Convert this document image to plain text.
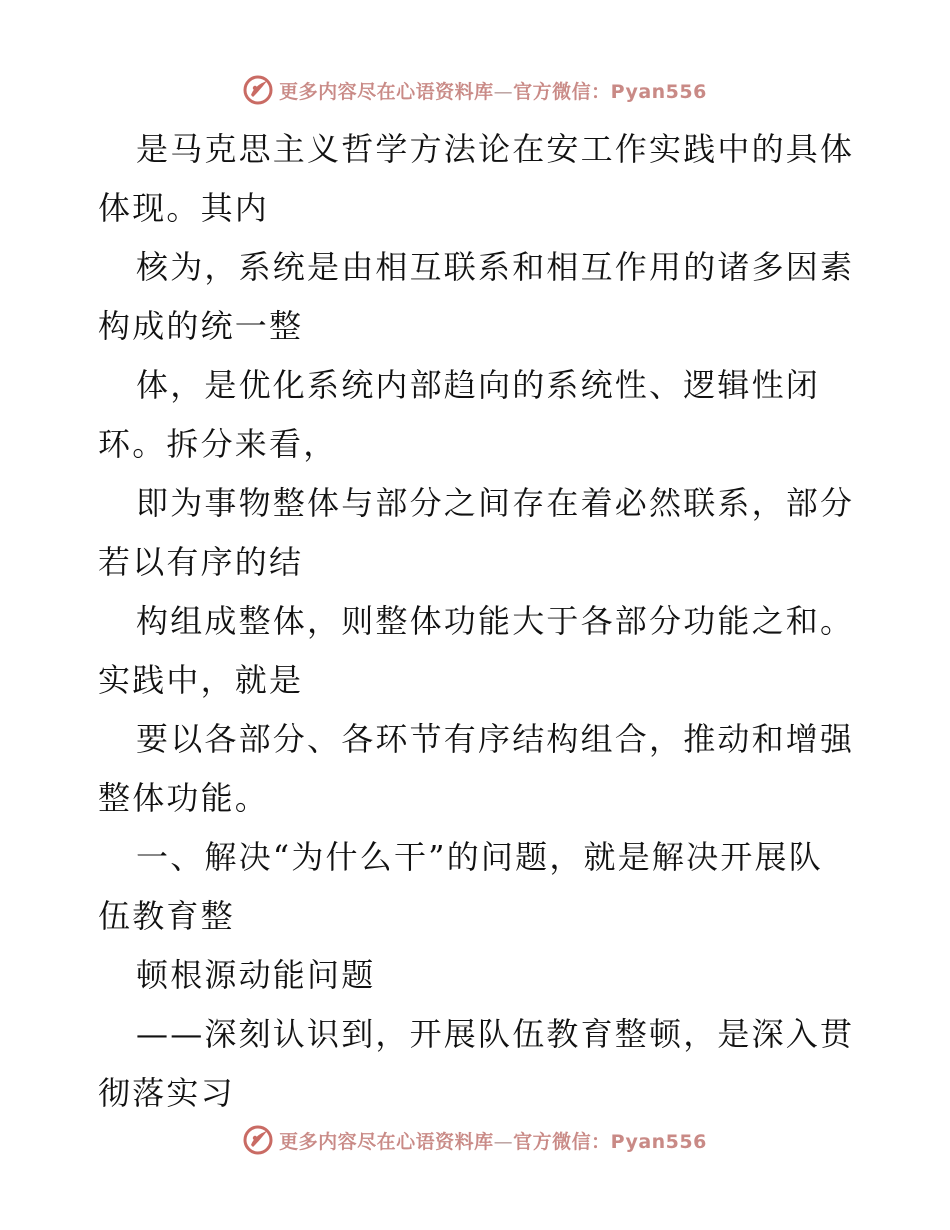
更多内容尽在心语资料库—官方微信：Pyan556
是马克思主义哲学方法论在安工作实践中的具体
体现。其内
核为，系统是由相互联系和相互作用的诸多因素
构成的统一整
体，是优化系统内部趋向的系统性、逻辑性闭
环。拆分来看，
即为事物整体与部分之间存在着必然联系，部分
若以有序的结
构组成整体，则整体功能大于各部分功能之和。
实践中，就是
要以各部分、各环节有序结构组合，推动和增强
整体功能。
一、解决“为什么干”的问题，就是解决开展队
伍教育整
顿根源动能问题
——深刻认识到，开展队伍教育整顿，是深入贯
彻落实习
更多内容尽在心语资料库—官方微信：Pyan556
